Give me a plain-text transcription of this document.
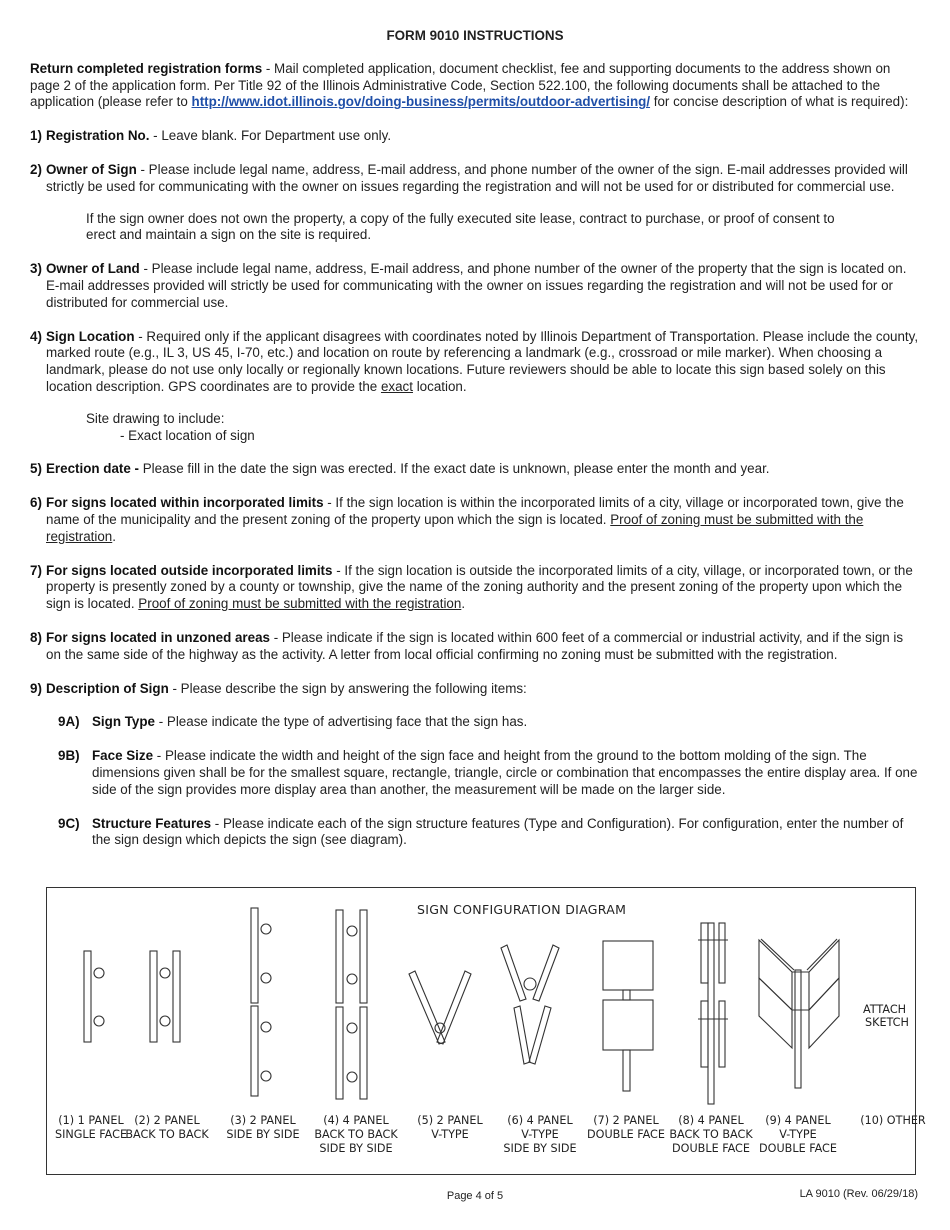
FORM 9010 INSTRUCTIONS

Return completed registration forms - Mail completed application, document checklist, fee and supporting documents to the address shown on page 2 of the application form. Per Title 92 of the Illinois Administrative Code, Section 522.100, the following documents shall be attached to the application (please refer to http://www.idot.illinois.gov/doing-business/permits/outdoor-advertising/ for concise description of what is required):

1) Registration No. - Leave blank. For Department use only.
2) Owner of Sign - Please include legal name, address, E-mail address, and phone number of the owner of the sign. E-mail addresses provided will strictly be used for communicating with the owner on issues regarding the registration and will not be used for or distributed for commercial use.

If the sign owner does not own the property, a copy of the fully executed site lease, contract to purchase, or proof of consent to erect and maintain a sign on the site is required.

3) Owner of Land - Please include legal name, address, E-mail address, and phone number of the owner of the property that the sign is located on. E-mail addresses provided will strictly be used for communicating with the owner on issues regarding the registration and will not be used for or distributed for commercial use.
4) Sign Location - Required only if the applicant disagrees with coordinates noted by Illinois Department of Transportation. Please include the county, marked route (e.g., IL 3, US 45, I-70, etc.) and location on route by referencing a landmark (e.g., crossroad or mile marker). When choosing a landmark, please do not use only locally or regionally known locations. Future reviewers should be able to locate this sign based solely on this location description. GPS coordinates are to provide the exact location.
Site drawing to include:
- Exact location of sign
5) Erection date - Please fill in the date the sign was erected. If the exact date is unknown, please enter the month and year.
6) For signs located within incorporated limits - If the sign location is within the incorporated limits of a city, village or incorporated town, give the name of the municipality and the present zoning of the property upon which the sign is located. Proof of zoning must be submitted with the registration.
7) For signs located outside incorporated limits - If the sign location is outside the incorporated limits of a city, village, or incorporated town, or the property is presently zoned by a county or township, give the name of the zoning authority and the present zoning of the property upon which the sign is located. Proof of zoning must be submitted with the registration.
8) For signs located in unzoned areas - Please indicate if the sign is located within 600 feet of a commercial or industrial activity, and if the sign is on the same side of the highway as the activity. A letter from local official confirming no zoning must be submitted with the registration.
9) Description of Sign - Please describe the sign by answering the following items:
9A) Sign Type - Please indicate the type of advertising face that the sign has.
9B) Face Size - Please indicate the width and height of the sign face and height from the ground to the bottom molding of the sign. The dimensions given shall be for the smallest square, rectangle, triangle, circle or combination that encompasses the entire display area. If one side of the sign provides more display area than another, the measurement will be made on the larger side.
9C) Structure Features - Please indicate each of the sign structure features (Type and Configuration). For configuration, enter the number of the sign design which depicts the sign (see diagram).
SIGN CONFIGURATION DIAGRAM
ATTACH
SKETCH
(1) 1 PANEL
SINGLE FACE
(2) 2 PANEL
BACK TO BACK
(3) 2 PANEL
SIDE BY SIDE
(4) 4 PANEL
BACK TO BACK
SIDE BY SIDE
(5) 2 PANEL
V-TYPE
(6) 4 PANEL
V-TYPE
SIDE BY SIDE
(7) 2 PANEL
DOUBLE FACE
(8) 4 PANEL
BACK TO BACK
DOUBLE FACE
(9) 4 PANEL
V-TYPE
DOUBLE FACE
(10) OTHER
Page 4 of 5	LA 9010 (Rev. 06/29/18)
